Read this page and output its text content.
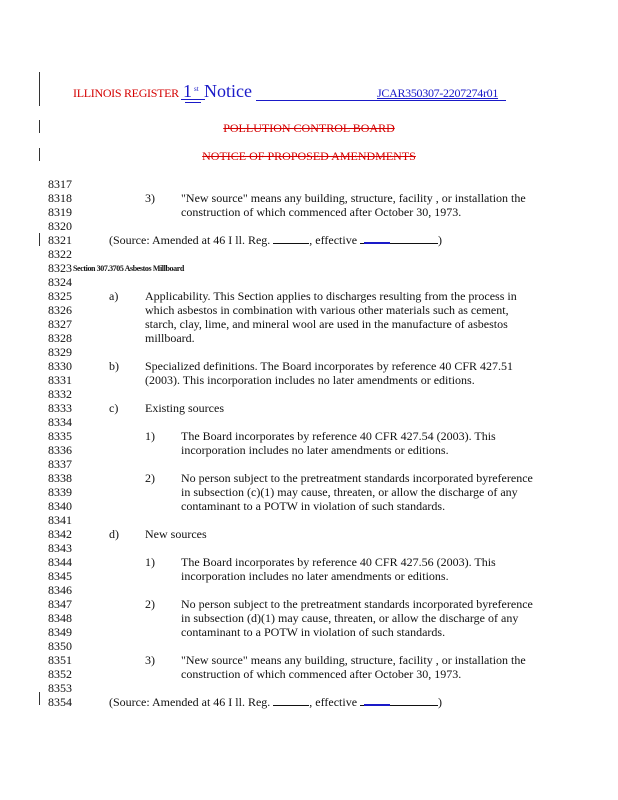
ILLINOIS REGISTER 1 st Notice	JCAR350307-2207274r01
POLLUTION CONTROL BOARD
NOTICE OF PROPOSED AMENDMENTS
8317
8318
8319
8320
8321
8322
8323
8324
8325
8326
8327
8328
8329
8330
8331
8332
8333
8334
8335
8336
8337
8338
8339
8340
8341
8342
8343
8344
8345
8346
8347
8348
8349
8350
8351
8352
8353
8354
3) "New source" means any building, structure, facility , or installation the
construction of which commenced after October 30, 1973.
(Source: Amended at 46 I ll. Reg.	, effective	)
Section 307.3705 Asbestos Millboard
a) Applicability. This Section applies to discharges resulting from the process in
which asbestos in combination with various other materials such as cement,
starch, clay, lime, and mineral wool are used in the manufacture of asbestos
millboard.
b) Specialized definitions. The Board incorporates by reference 40 CFR 427.51
(2003). This incorporation includes no later amendments or editions.
c) Existing sources
1) The Board incorporates by reference 40 CFR 427.54 (2003). This
incorporation includes no later amendments or editions.
2) No person subject to the pretreatment standards incorporated byreference
in subsection (c)(1) may cause, threaten, or allow the discharge of any
contaminant to a POTW in violation of such standards.
d) New sources
1) The Board incorporates by reference 40 CFR 427.56 (2003). This
incorporation includes no later amendments or editions.
2) No person subject to the pretreatment standards incorporated byreference
in subsection (d)(1) may cause, threaten, or allow the discharge of any
contaminant to a POTW in violation of such standards.
3) "New source" means any building, structure, facility , or installation the
construction of which commenced after October 30, 1973.
(Source: Amended at 46 I ll. Reg.	, effective	)
